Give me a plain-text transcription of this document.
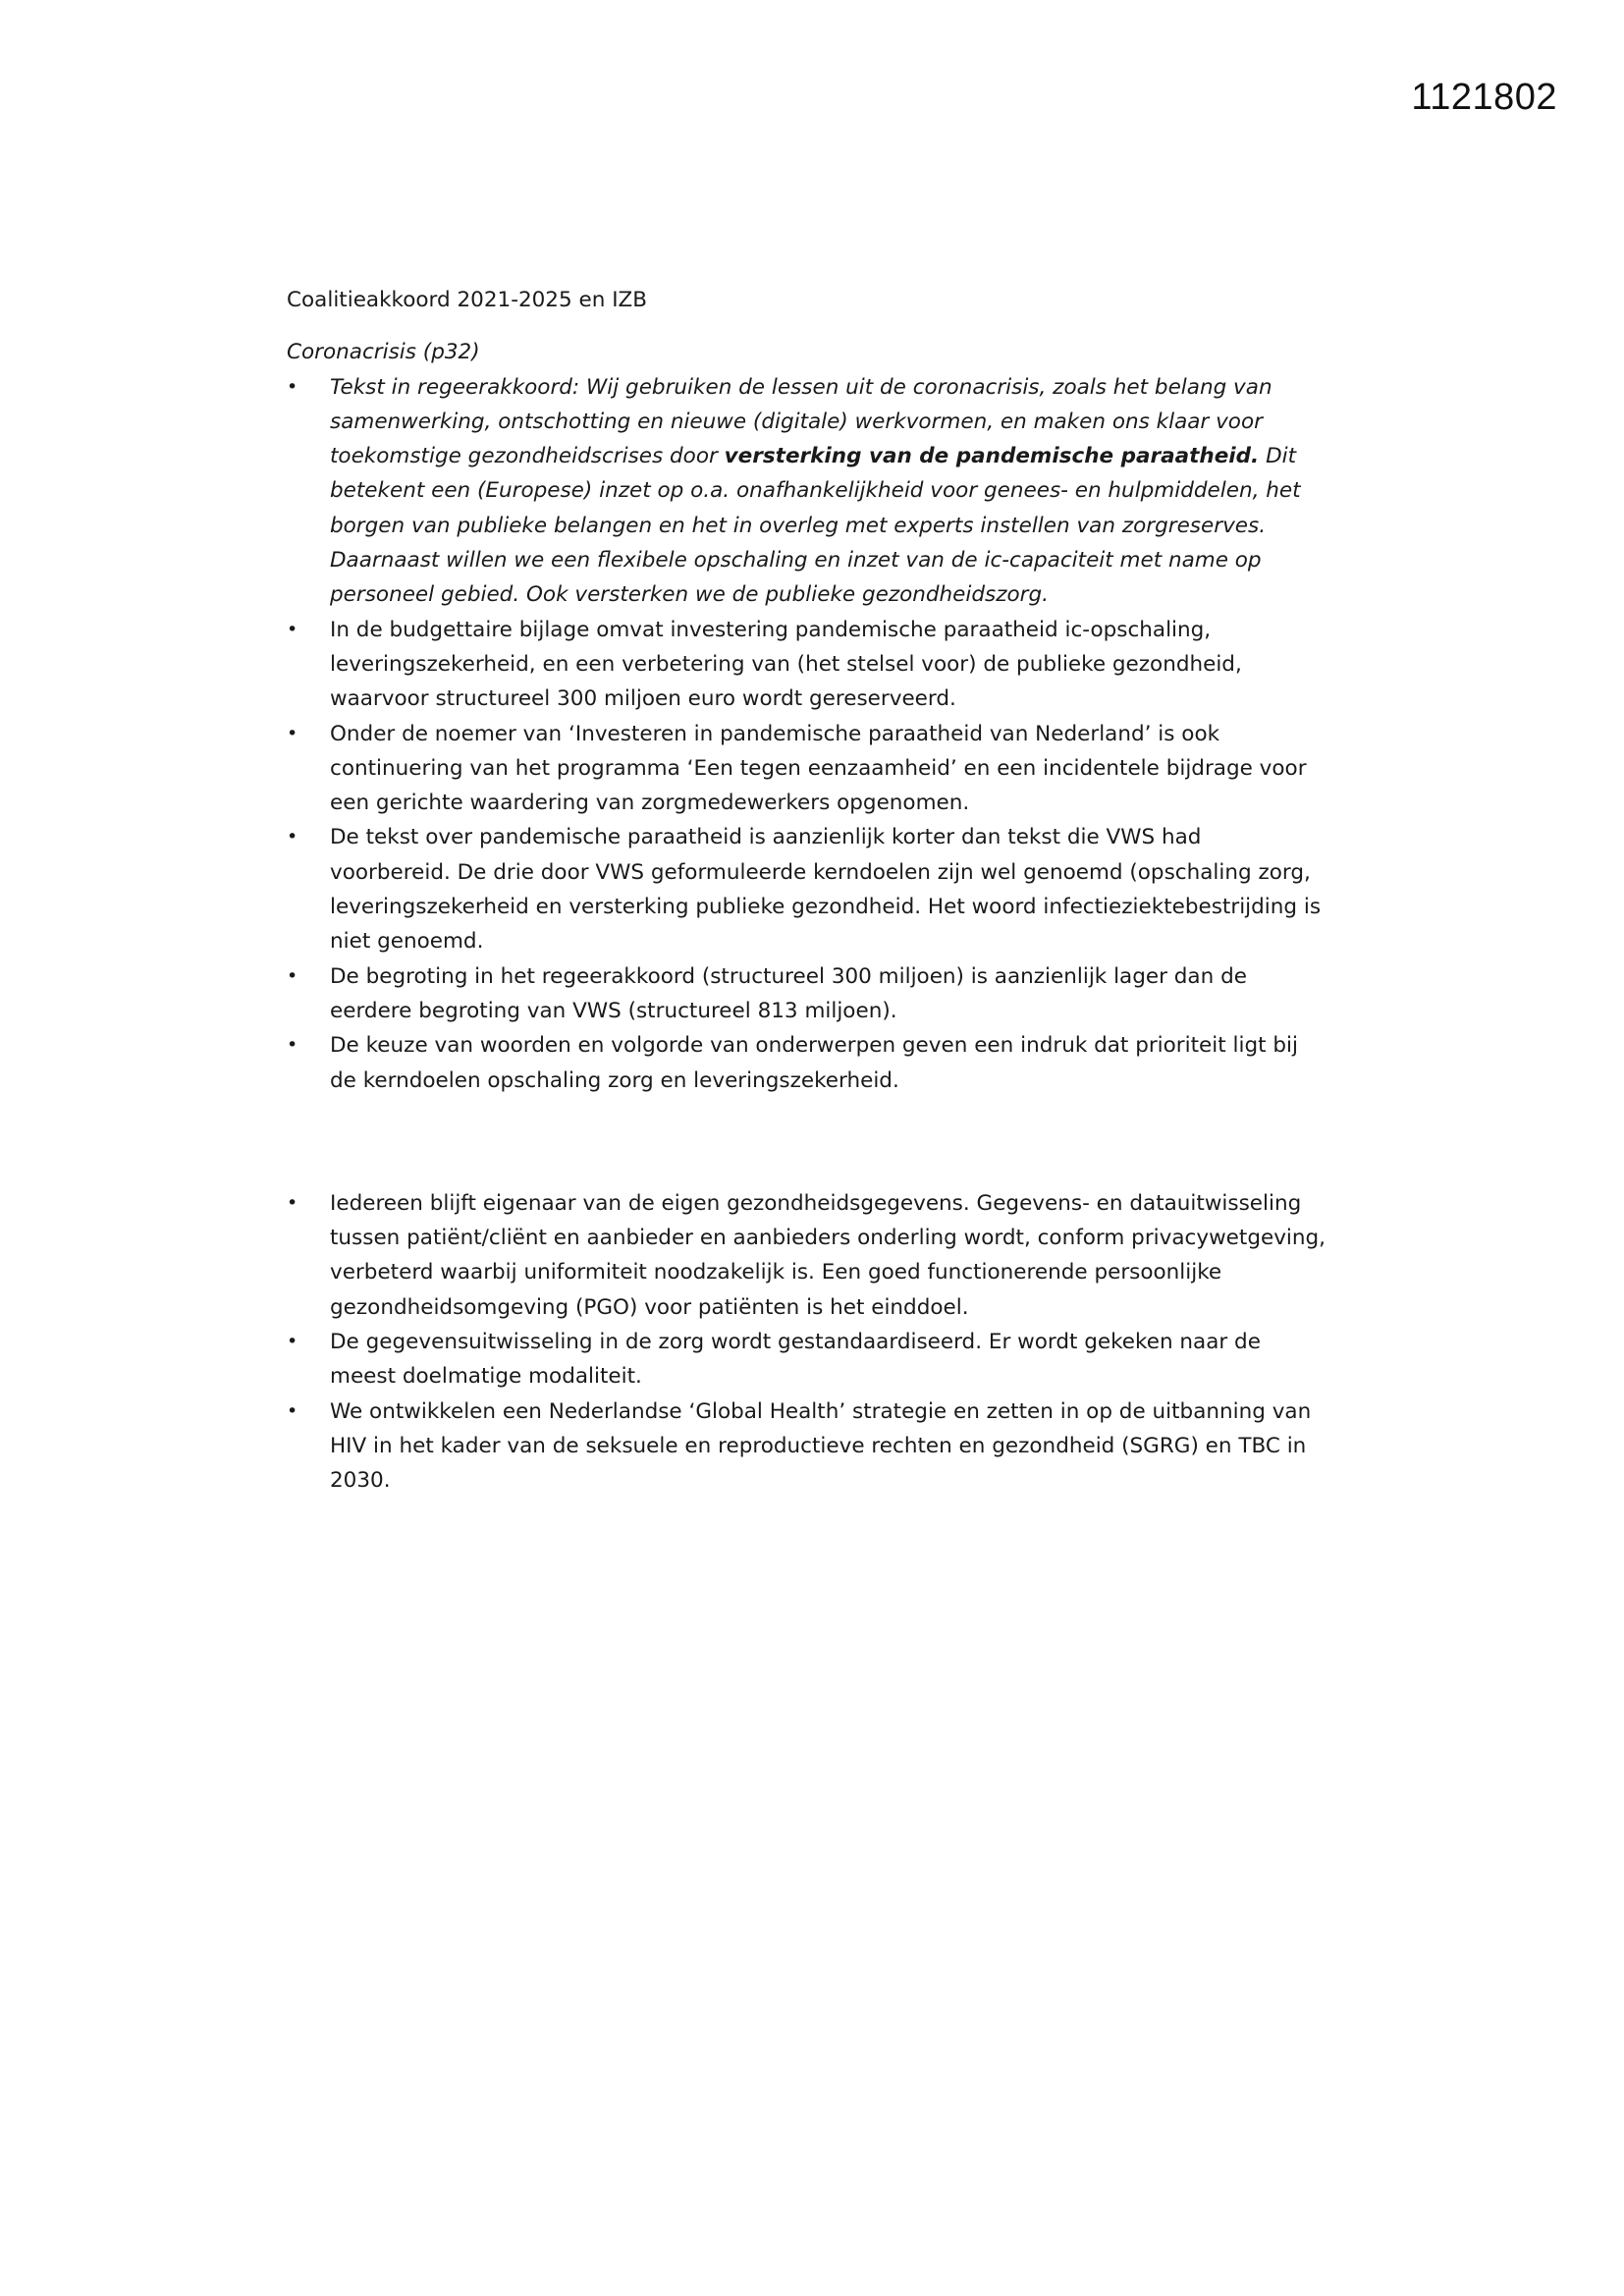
1121802
Coalitieakkoord 2021-2025 en IZB
Coronacrisis (p32)
• Tekst in regeerakkoord: Wij gebruiken de lessen uit de coronacrisis, zoals het belang van samenwerking, ontschotting en nieuwe (digitale) werkvormen, en maken ons klaar voor toekomstige gezondheidscrises door versterking van de pandemische paraatheid. Dit betekent een (Europese) inzet op o.a. onafhankelijkheid voor genees- en hulpmiddelen, het borgen van publieke belangen en het in overleg met experts instellen van zorgreserves. Daarnaast willen we een flexibele opschaling en inzet van de ic-capaciteit met name op personeel gebied. Ook versterken we de publieke gezondheidszorg.
• In de budgettaire bijlage omvat investering pandemische paraatheid ic-opschaling, leveringszekerheid, en een verbetering van (het stelsel voor) de publieke gezondheid, waarvoor structureel 300 miljoen euro wordt gereserveerd.
• Onder de noemer van ‘Investeren in pandemische paraatheid van Nederland’ is ook continuering van het programma ‘Een tegen eenzaamheid’ en een incidentele bijdrage voor een gerichte waardering van zorgmedewerkers opgenomen.
• De tekst over pandemische paraatheid is aanzienlijk korter dan tekst die VWS had voorbereid. De drie door VWS geformuleerde kerndoelen zijn wel genoemd (opschaling zorg, leveringszekerheid en versterking publieke gezondheid. Het woord infectieziektebestrijding is niet genoemd.
• De begroting in het regeerakkoord (structureel 300 miljoen) is aanzienlijk lager dan de eerdere begroting van VWS (structureel 813 miljoen).
• De keuze van woorden en volgorde van onderwerpen geven een indruk dat prioriteit ligt bij de kerndoelen opschaling zorg en leveringszekerheid.
• Iedereen blijft eigenaar van de eigen gezondheidsgegevens. Gegevens- en datauitwisseling tussen patiënt/cliënt en aanbieder en aanbieders onderling wordt, conform privacywetgeving, verbeterd waarbij uniformiteit noodzakelijk is. Een goed functionerende persoonlijke gezondheidsomgeving (PGO) voor patiënten is het einddoel.
• De gegevensuitwisseling in de zorg wordt gestandaardiseerd. Er wordt gekeken naar de meest doelmatige modaliteit.
• We ontwikkelen een Nederlandse ‘Global Health’ strategie en zetten in op de uitbanning van HIV in het kader van de seksuele en reproductieve rechten en gezondheid (SGRG) en TBC in 2030.
